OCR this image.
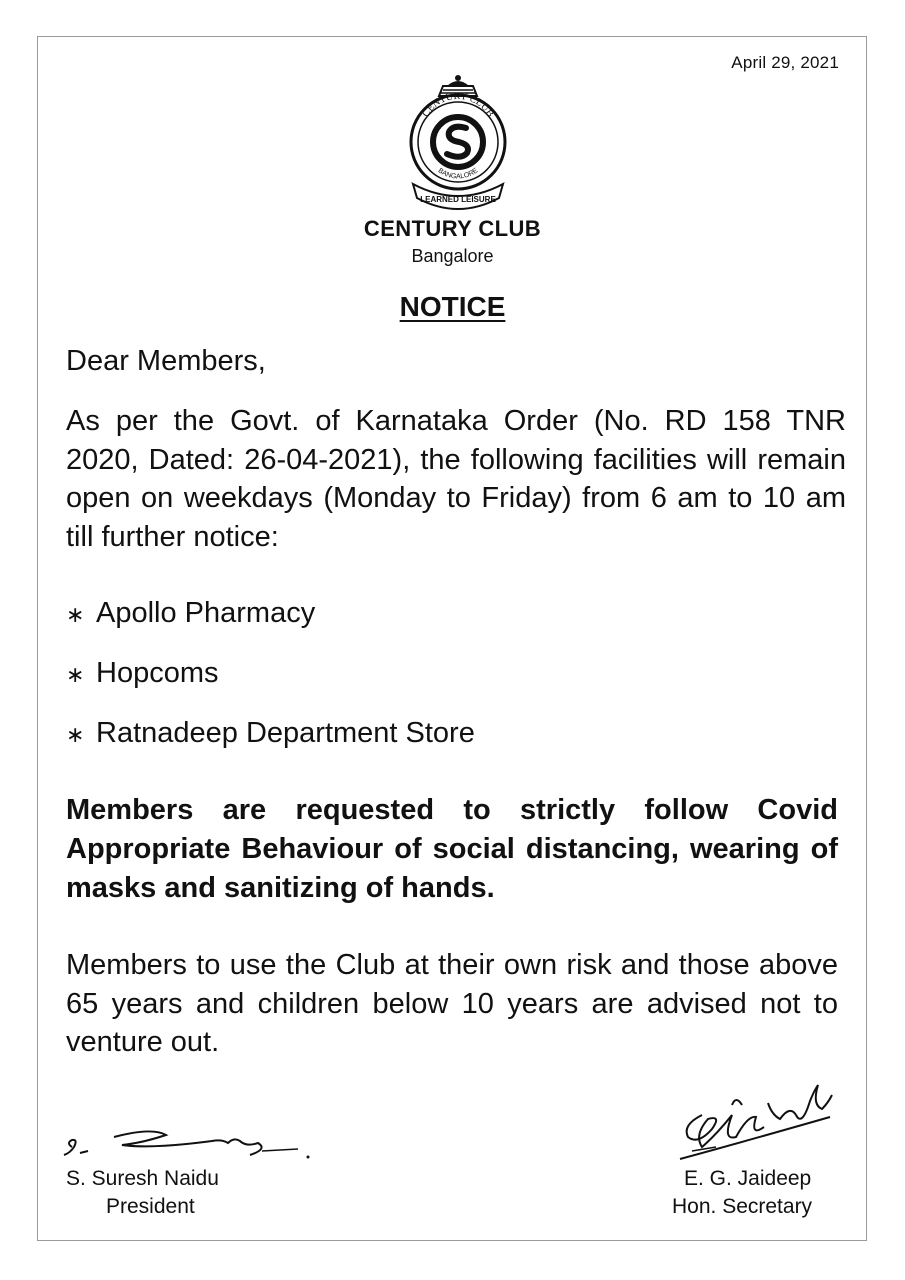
April 29, 2021
CENTURY CLUB
BANGALORE
LEARNED LEISURE
CENTURY CLUB
Bangalore
NOTICE
Dear Members,
As per the Govt. of Karnataka Order (No. RD 158 TNR 2020, Dated: 26-04-2021), the following facilities will remain open on weekdays (Monday to Friday) from 6 am to 10 am till further notice:
∗ Apollo Pharmacy
∗ Hopcoms
∗ Ratnadeep Department Store
Members are requested to strictly follow Covid Appropriate Behaviour of social distancing, wearing of masks and sanitizing of hands.
Members to use the Club at their own risk and those above 65 years and children below 10 years are advised not to venture out.
S. Suresh Naidu
President
E. G. Jaideep
Hon. Secretary
